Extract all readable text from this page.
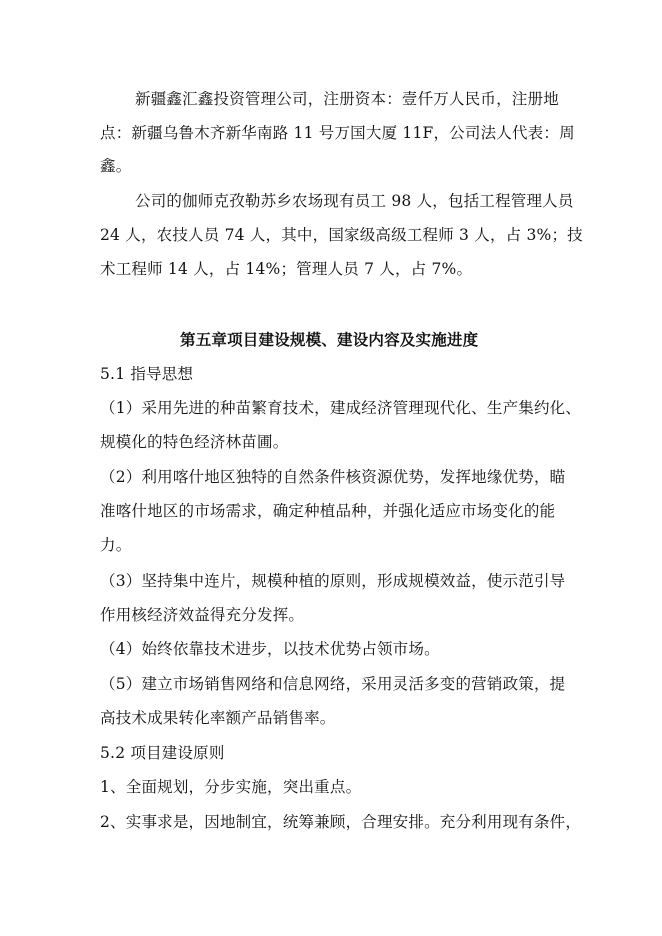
新疆鑫汇鑫投资管理公司，注册资本：壹仟万人民币，注册地
点：新疆乌鲁木齐新华南路 11 号万国大厦 11F，公司法人代表：周
鑫。
公司的伽师克孜勒苏乡农场现有员工 98 人，包括工程管理人员
24 人，农技人员 74 人，其中，国家级高级工程师 3 人，占 3%；技
术工程师 14 人，占 14%；管理人员 7 人，占 7%。
第五章项目建设规模、建设内容及实施进度
5.1 指导思想
（1）采用先进的种苗繁育技术，建成经济管理现代化、生产集约化、
规模化的特色经济林苗圃。
（2）利用喀什地区独特的自然条件核资源优势，发挥地缘优势，瞄
准喀什地区的市场需求，确定种植品种，并强化适应市场变化的能
力。
（3）坚持集中连片，规模种植的原则，形成规模效益，使示范引导
作用核经济效益得充分发挥。
（4）始终依靠技术进步，以技术优势占领市场。
（5）建立市场销售网络和信息网络，采用灵活多变的营销政策，提
高技术成果转化率额产品销售率。
5.2 项目建设原则
1、全面规划，分步实施，突出重点。
2、实事求是，因地制宜，统筹兼顾，合理安排。充分利用现有条件，
